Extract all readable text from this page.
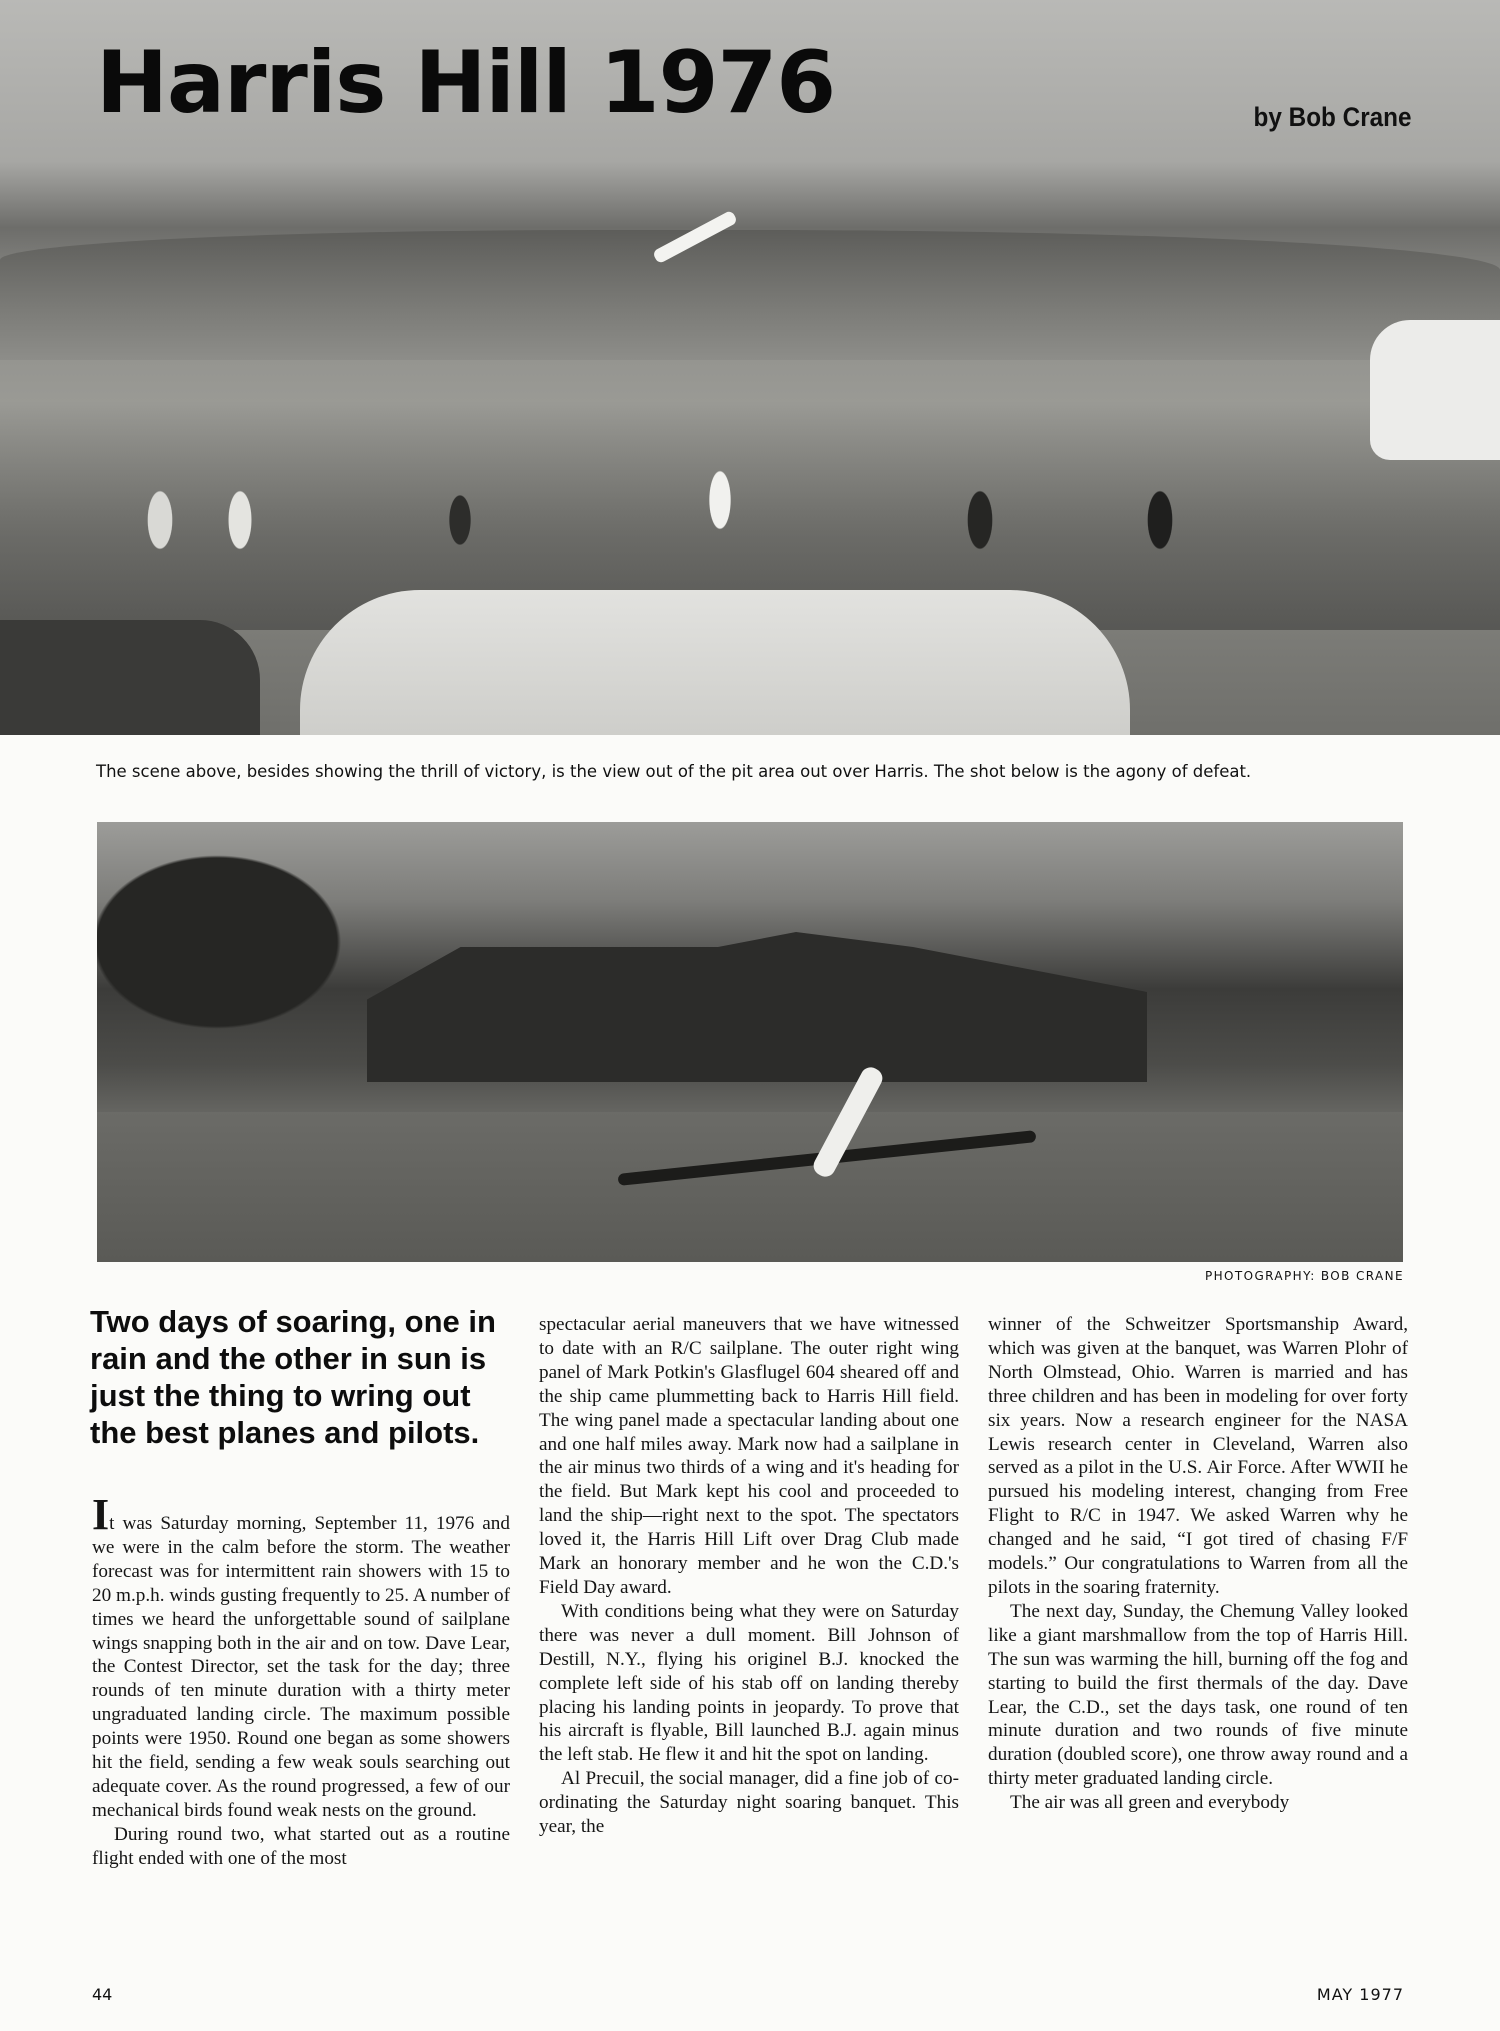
Harris Hill 1976	by Bob Crane

The scene above, besides showing the thrill of victory, is the view out of the pit area out over Harris. The shot below is the agony of defeat.
PHOTOGRAPHY: BOB CRANE
Two days of soaring, one in rain and the other in sun is just the thing to wring out the best planes and pilots.

It was Saturday morning, September 11, 1976 and we were in the calm before the storm. The weather forecast was for intermittent rain showers with 15 to 20 m.p.h. winds gusting frequently to 25. A number of times we heard the unforgettable sound of sailplane wings snapping both in the air and on tow. Dave Lear, the Contest Director, set the task for the day; three rounds of ten minute duration with a thirty meter ungraduated landing circle. The maximum possible points were 1950. Round one began as some showers hit the field, sending a few weak souls searching out adequate cover. As the round progressed, a few of our mechanical birds found weak nests on the ground.

During round two, what started out as a routine flight ended with one of the most

spectacular aerial maneuvers that we have witnessed to date with an R/C sailplane. The outer right wing panel of Mark Potkin's Glasflugel 604 sheared off and the ship came plummetting back to Harris Hill field. The wing panel made a spectacular landing about one and one half miles away. Mark now had a sailplane in the air minus two thirds of a wing and it's heading for the field. But Mark kept his cool and proceeded to land the ship—right next to the spot. The spectators loved it, the Harris Hill Lift over Drag Club made Mark an honorary member and he won the C.D.'s Field Day award.

With conditions being what they were on Saturday there was never a dull moment. Bill Johnson of Destill, N.Y., flying his originel B.J. knocked the complete left side of his stab off on landing thereby placing his landing points in jeopardy. To prove that his aircraft is flyable, Bill launched B.J. again minus the left stab. He flew it and hit the spot on landing.

Al Precuil, the social manager, did a fine job of co-ordinating the Saturday night soaring banquet. This year, the

winner of the Schweitzer Sportsmanship Award, which was given at the banquet, was Warren Plohr of North Olmstead, Ohio. Warren is married and has three children and has been in modeling for over forty six years. Now a research engineer for the NASA Lewis research center in Cleveland, Warren also served as a pilot in the U.S. Air Force. After WWII he pursued his modeling interest, changing from Free Flight to R/C in 1947. We asked Warren why he changed and he said, “I got tired of chasing F/F models.” Our congratulations to Warren from all the pilots in the soaring fraternity.

The next day, Sunday, the Chemung Valley looked like a giant marshmallow from the top of Harris Hill. The sun was warming the hill, burning off the fog and starting to build the first thermals of the day. Dave Lear, the C.D., set the days task, one round of ten minute duration and two rounds of five minute duration (doubled score), one throw away round and a thirty meter graduated landing circle.

The air was all green and everybody

44	MAY 1977
